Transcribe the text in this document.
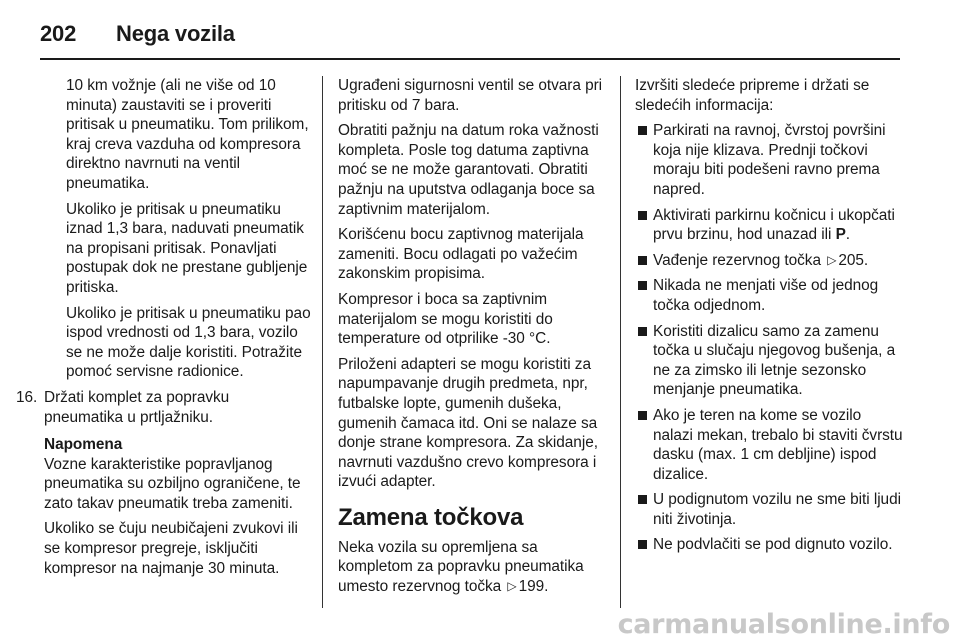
202	Nega vozila

10 km vožnje (ali ne više od 10 minuta) zaustaviti se i proveriti pritisak u pneumatiku. Tom prilikom, kraj creva vazduha od kompresora direktno navrnuti na ventil pneumatika.

Ukoliko je pritisak u pneumatiku iznad 1,3 bara, naduvati pneumatik na propisani pritisak. Ponavljati postupak dok ne prestane gubljenje pritiska.

Ukoliko je pritisak u pneumatiku pao ispod vrednosti od 1,3 bara, vozilo se ne može dalje koristiti. Potražite pomoć servisne radionice.

16. Držati komplet za popravku pneumatika u prtljažniku.

Napomena

Vozne karakteristike popravljanog pneumatika su ozbiljno ograničene, te zato takav pneumatik treba zameniti.

Ukoliko se čuju neubičajeni zvukovi ili se kompresor pregreje, isključiti kompresor na najmanje 30 minuta.

Ugrađeni sigurnosni ventil se otvara pri pritisku od 7 bara.

Obratiti pažnju na datum roka važnosti kompleta. Posle tog datuma zaptivna moć se ne može garantovati. Obratiti pažnju na uputstva odlaganja boce sa zaptivnim materijalom.

Korišćenu bocu zaptivnog materijala zameniti. Bocu odlagati po važećim zakonskim propisima.

Kompresor i boca sa zaptivnim materijalom se mogu koristiti do temperature od otprilike -30 °C.

Priloženi adapteri se mogu koristiti za napumpavanje drugih predmeta, npr, futbalske lopte, gumenih dušeka, gumenih čamaca itd. Oni se nalaze sa donje strane kompresora. Za skidanje, navrnuti vazdušno crevo kompresora i izvući adapter.

Zamena točkova

Neka vozila su opremljena sa kompletom za popravku pneumatika umesto rezervnog točka ▷ 199.

Izvršiti sledeće pripreme i držati se sledećih informacija:

Parkirati na ravnoj, čvrstoj površini koja nije klizava. Prednji točkovi moraju biti podešeni ravno prema napred.
Aktivirati parkirnu kočnicu i ukopčati prvu brzinu, hod unazad ili P.
Vađenje rezervnog točka ▷ 205.
Nikada ne menjati više od jednog točka odjednom.
Koristiti dizalicu samo za zamenu točka u slučaju njegovog bušenja, a ne za zimsko ili letnje sezonsko menjanje pneumatika.
Ako je teren na kome se vozilo nalazi mekan, trebalo bi staviti čvrstu dasku (max. 1 cm debljine) ispod dizalice.
U podignutom vozilu ne sme biti ljudi niti životinja.
Ne podvlačiti se pod dignuto vozilo.
carmanualsonline.info
